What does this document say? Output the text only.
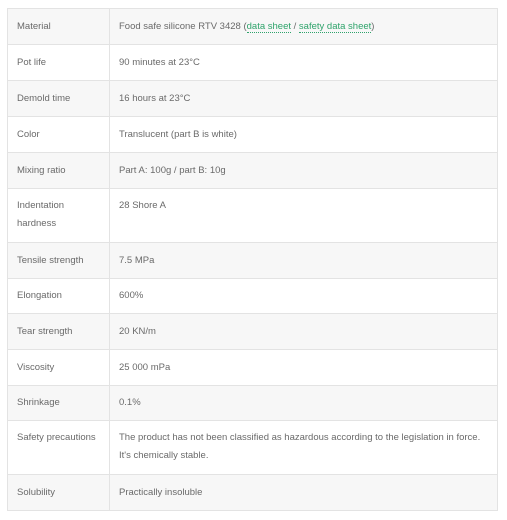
Material	Food safe silicone RTV 3428 (data sheet / safety data sheet)
Pot life	90 minutes at 23°C
Demold time	16 hours at 23°C
Color	Translucent (part B is white)
Mixing ratio	Part A: 100g / part B: 10g
Indentation hardness	28 Shore A
Tensile strength	7.5 MPa
Elongation	600%
Tear strength	20 KN/m
Viscosity	25 000 mPa
Shrinkage	0.1%
Safety precautions	The product has not been classified as hazardous according to the legislation in force. It's chemically stable.
Solubility	Practically insoluble
